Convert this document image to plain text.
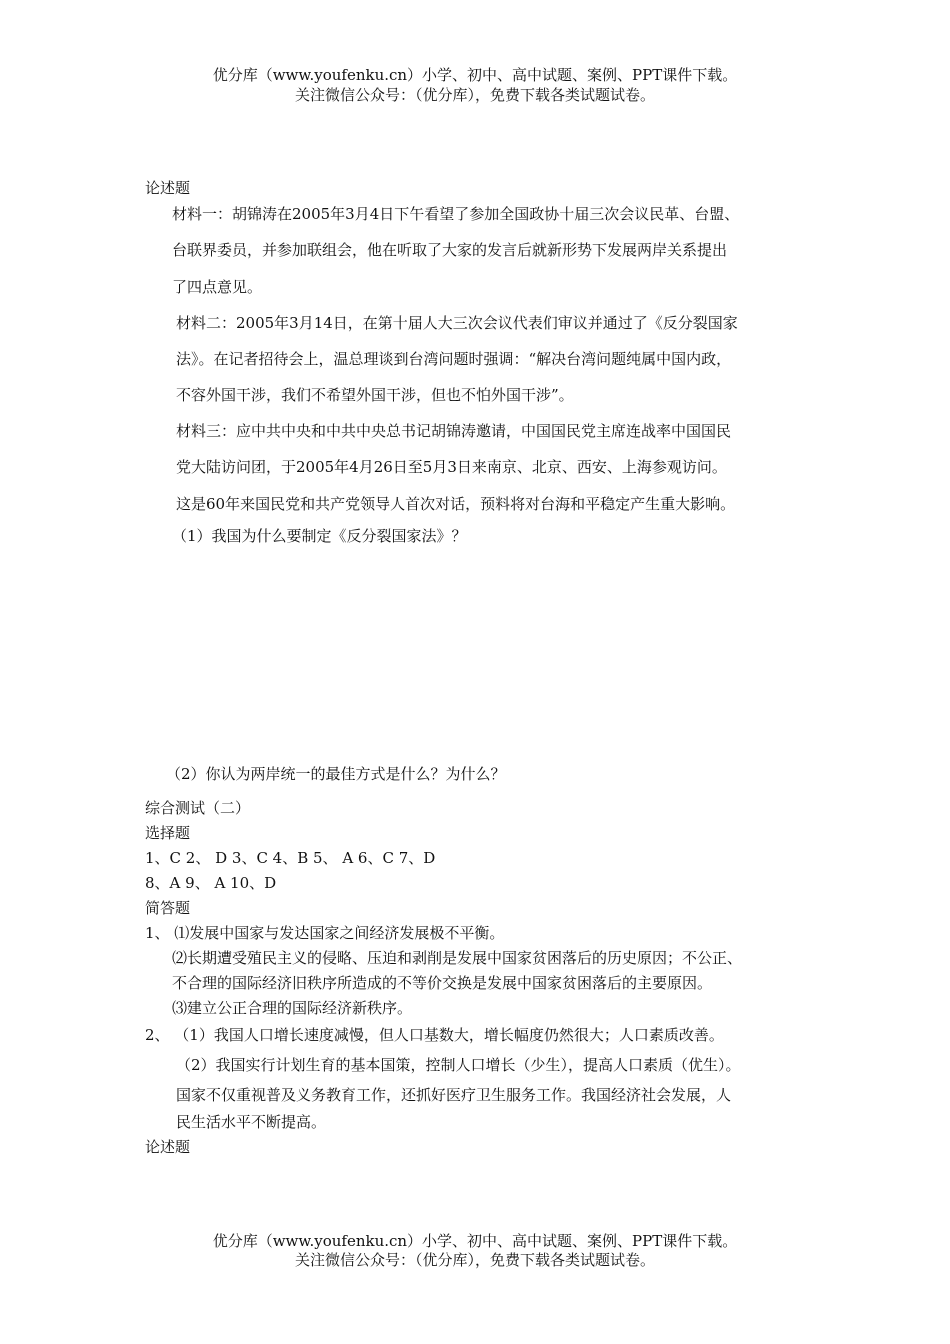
优分库（www.youfenku.cn）小学、初中、高中试题、案例、PPT课件下载。
关注微信公众号：（优分库），免费下载各类试题试卷。
论述题
材料一：胡锦涛在2005年3月4日下午看望了参加全国政协十届三次会议民革、台盟、
台联界委员，并参加联组会，他在听取了大家的发言后就新形势下发展两岸关系提出
了四点意见。
材料二：2005年3月14日，在第十届人大三次会议代表们审议并通过了《反分裂国家
法》。在记者招待会上，温总理谈到台湾问题时强调：“解决台湾问题纯属中国内政，
不容外国干涉，我们不希望外国干涉，但也不怕外国干涉”。
材料三：应中共中央和中共中央总书记胡锦涛邀请，中国国民党主席连战率中国国民
党大陆访问团，于2005年4月26日至5月3日来南京、北京、西安、上海参观访问。
这是60年来国民党和共产党领导人首次对话，预料将对台海和平稳定产生重大影响。
（1）我国为什么要制定《反分裂国家法》？
（2）你认为两岸统一的最佳方式是什么？为什么？
综合测试（二）
选择题
1、C 2、 D 3、C 4、B 5、 A 6、C 7、D
8、A 9、 A 10、D
简答题
1、 ⑴发展中国家与发达国家之间经济发展极不平衡。
⑵长期遭受殖民主义的侵略、压迫和剥削是发展中国家贫困落后的历史原因；不公正、
不合理的国际经济旧秩序所造成的不等价交换是发展中国家贫困落后的主要原因。
⑶建立公正合理的国际经济新秩序。
2、 （1）我国人口增长速度减慢，但人口基数大，增长幅度仍然很大；人口素质改善。
（2）我国实行计划生育的基本国策，控制人口增长（少生），提高人口素质（优生）。
国家不仅重视普及义务教育工作，还抓好医疗卫生服务工作。我国经济社会发展，人
民生活水平不断提高。
论述题
优分库（www.youfenku.cn）小学、初中、高中试题、案例、PPT课件下载。
关注微信公众号：（优分库），免费下载各类试题试卷。
